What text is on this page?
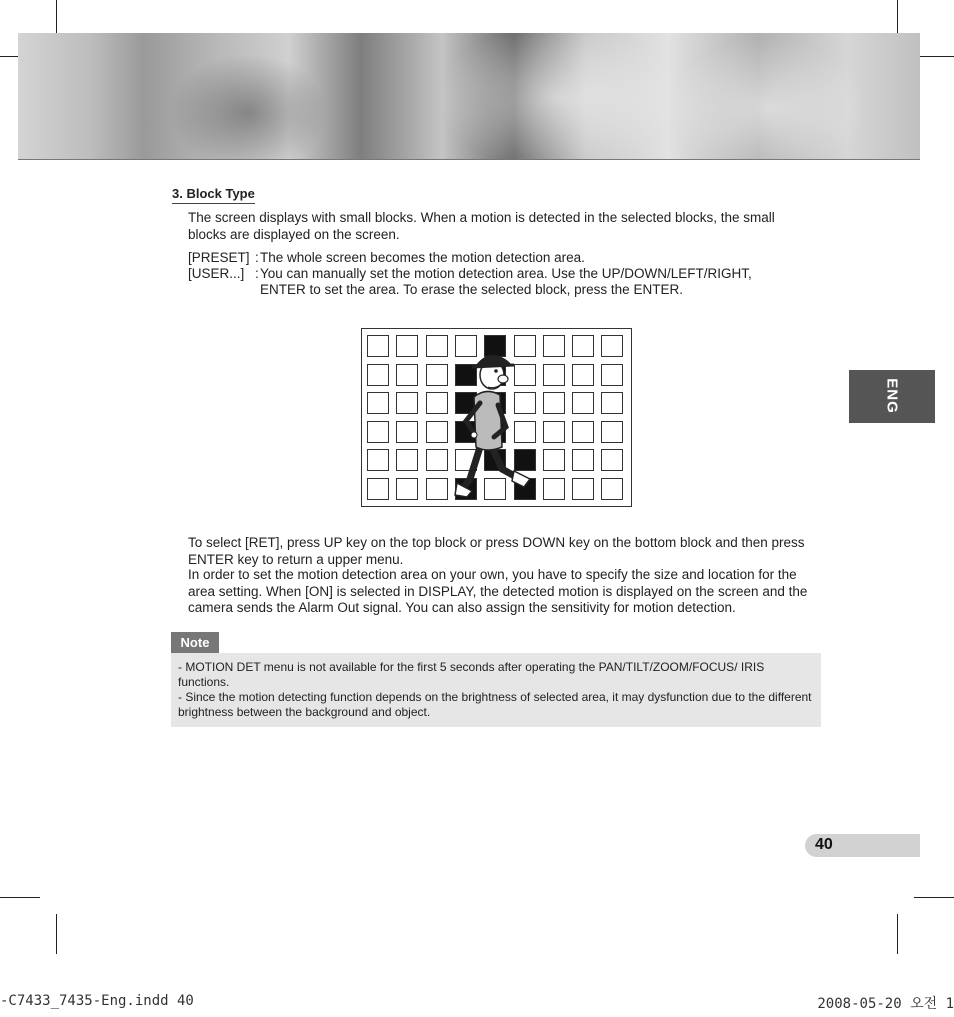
3. Block Type

The screen displays with small blocks. When a motion is detected in the selected blocks, the small blocks are displayed on the screen.

[PRESET] : The whole screen becomes the motion detection area.
[USER...] : You can manually set the motion detection area. Use the UP/DOWN/LEFT/RIGHT,
ENTER to set the area. To erase the selected block, press the ENTER.

To select [RET], press UP key on the top block or press DOWN key on the bottom block and then press ENTER key to return a upper menu.

In order to set the motion detection area on your own, you have to specify the size and location for the area setting. When [ON] is selected in DISPLAY, the detected motion is displayed on the screen and the camera sends the Alarm Out signal. You can also assign the sensitivity for motion detection.

ENG
Note

- MOTION DET menu is not available for the first 5 seconds after operating the PAN/TILT/ZOOM/FOCUS/ IRIS functions.

- Since the motion detecting function depends on the brightness of selected area, it may dysfunction due to the different brightness between the background and object.

40
-C7433_7435-Eng.indd 40	2008-05-20 오전 1
